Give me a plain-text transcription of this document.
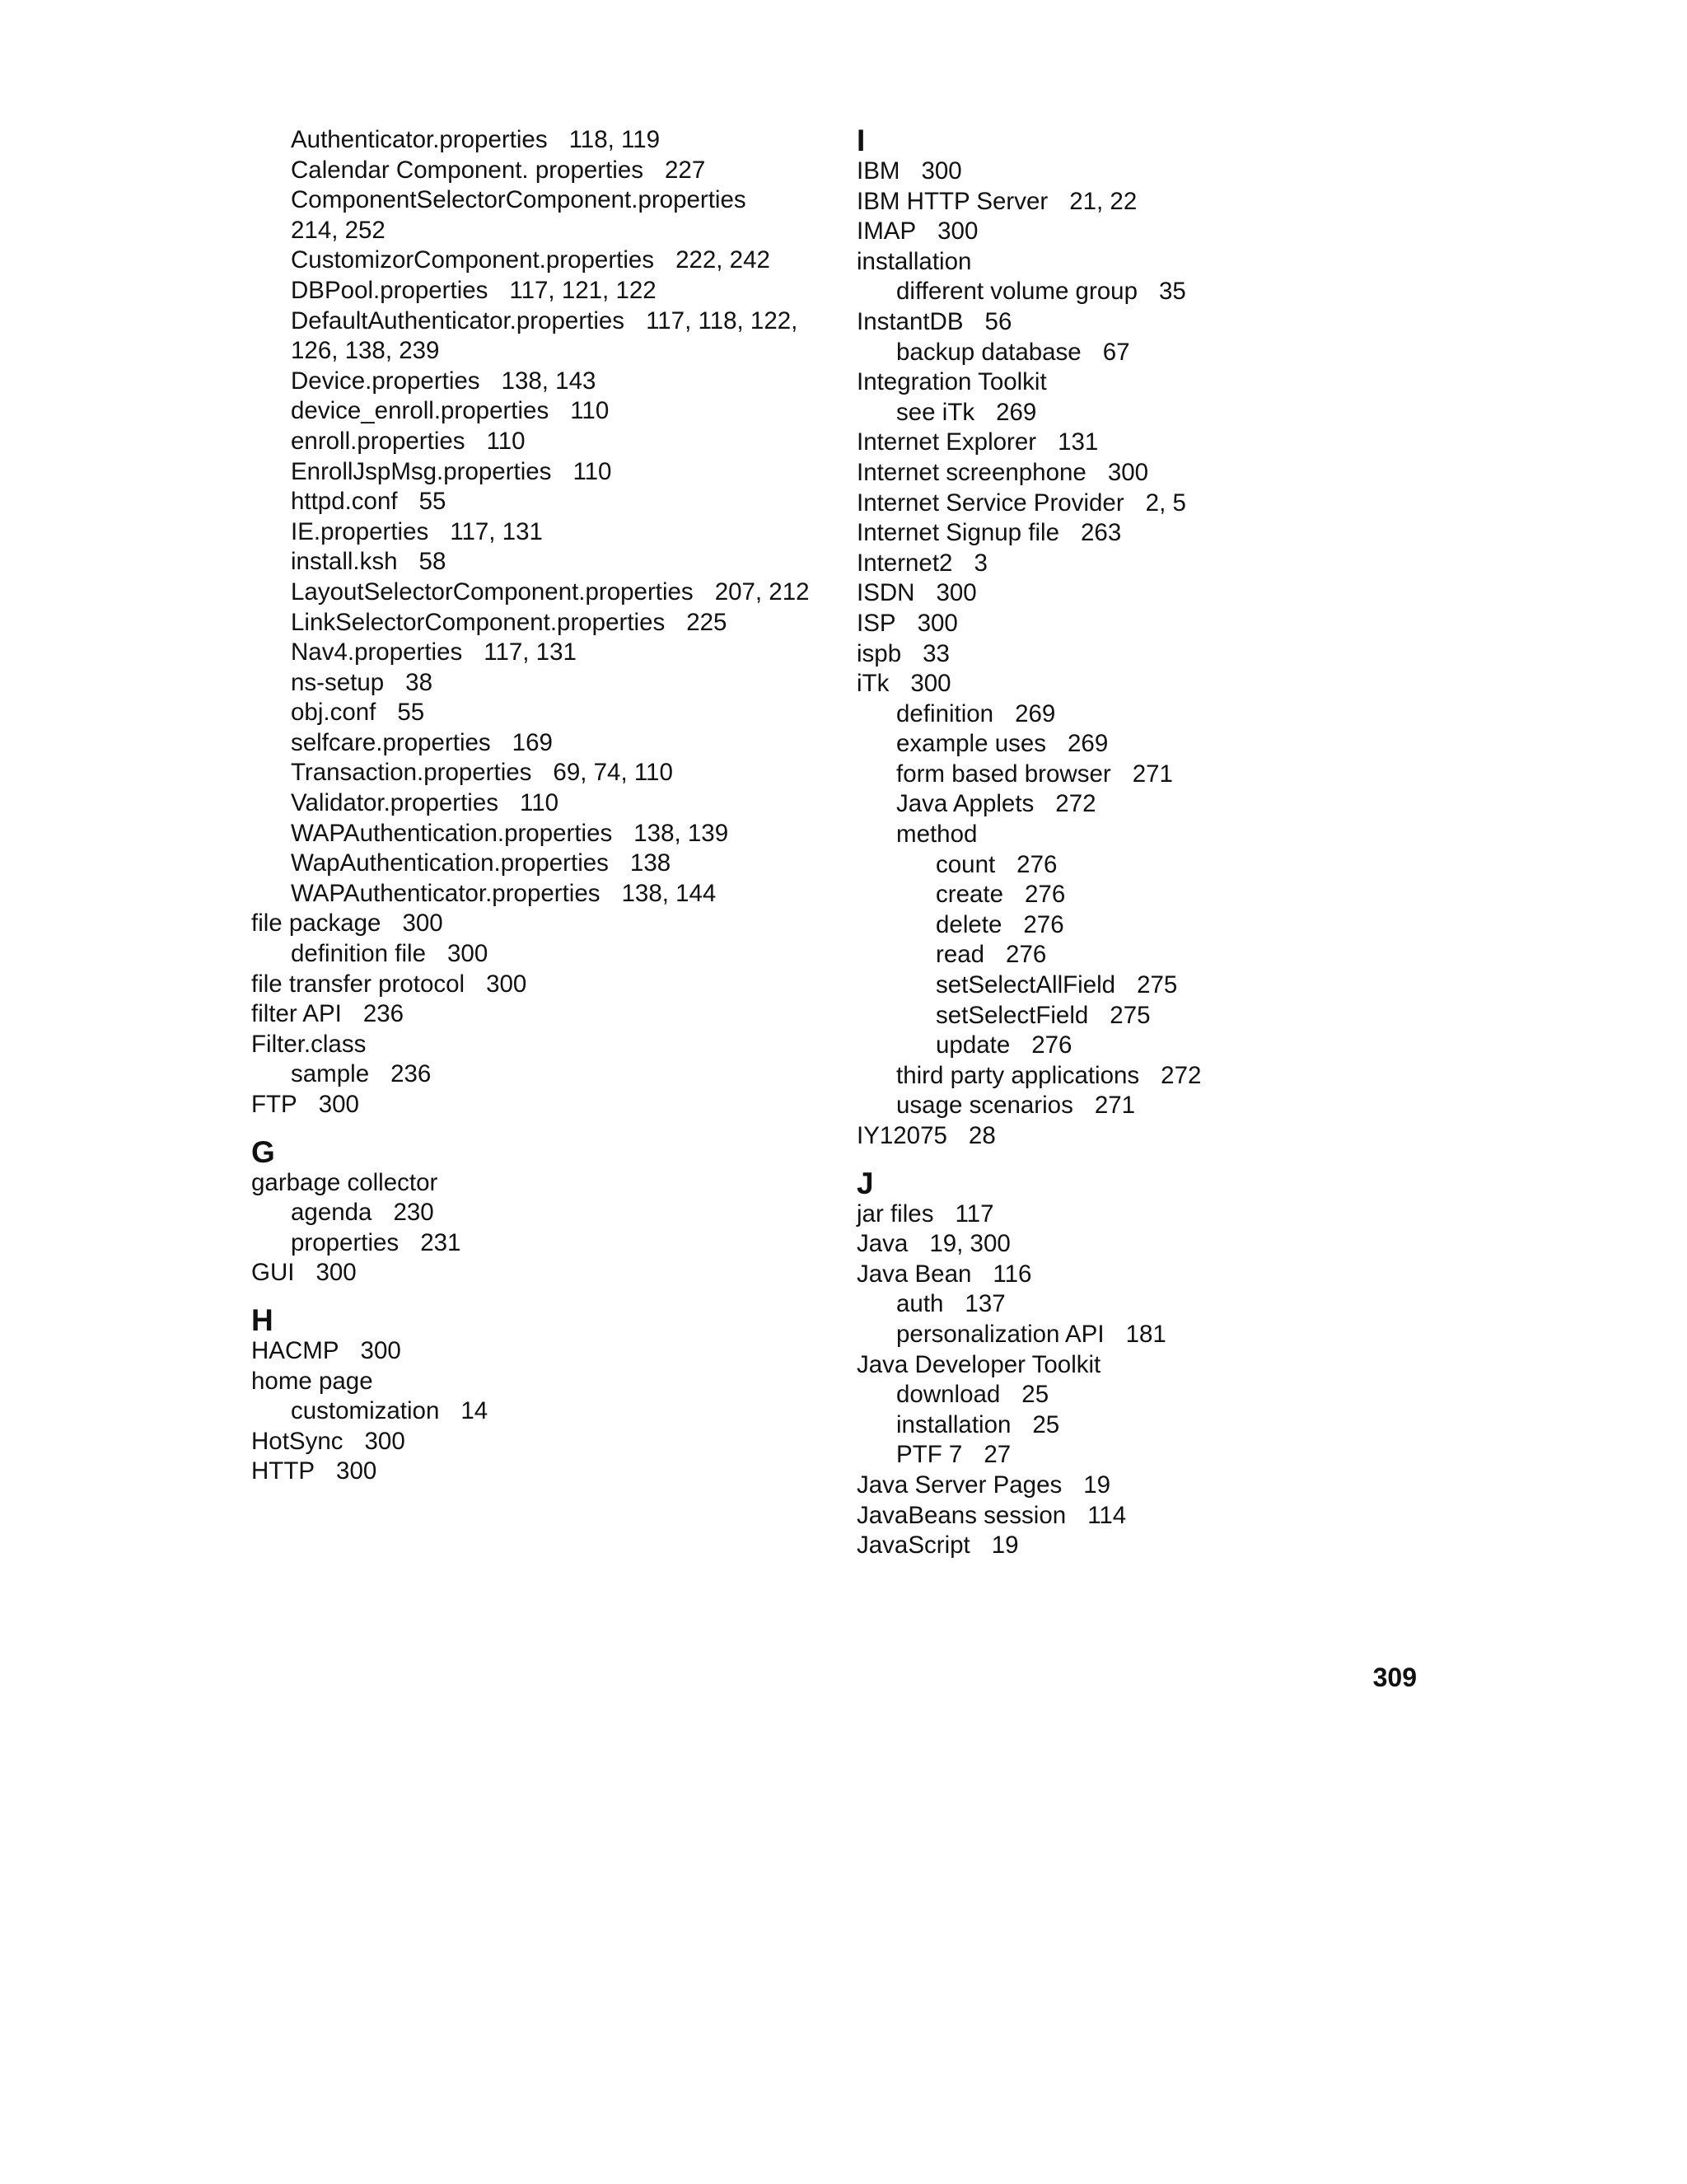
Authenticator.properties 118, 119
Calendar Component. properties 227
ComponentSelectorComponent.properties
214, 252
CustomizorComponent.properties 222, 242
DBPool.properties 117, 121, 122
DefaultAuthenticator.properties 117, 118, 122,
126, 138, 239
Device.properties 138, 143
device_enroll.properties 110
enroll.properties 110
EnrollJspMsg.properties 110
httpd.conf 55
IE.properties 117, 131
install.ksh 58
LayoutSelectorComponent.properties 207, 212
LinkSelectorComponent.properties 225
Nav4.properties 117, 131
ns-setup 38
obj.conf 55
selfcare.properties 169
Transaction.properties 69, 74, 110
Validator.properties 110
WAPAuthentication.properties 138, 139
WapAuthentication.properties 138
WAPAuthenticator.properties 138, 144
file package 300
definition file 300
file transfer protocol 300
filter API 236
Filter.class
sample 236
FTP 300
G
garbage collector
agenda 230
properties 231
GUI 300
H
HACMP 300
home page
customization 14
HotSync 300
HTTP 300
I
IBM 300
IBM HTTP Server 21, 22
IMAP 300
installation
different volume group 35
InstantDB 56
backup database 67
Integration Toolkit
see iTk 269
Internet Explorer 131
Internet screenphone 300
Internet Service Provider 2, 5
Internet Signup file 263
Internet2 3
ISDN 300
ISP 300
ispb 33
iTk 300
definition 269
example uses 269
form based browser 271
Java Applets 272
method
count 276
create 276
delete 276
read 276
setSelectAllField 275
setSelectField 275
update 276
third party applications 272
usage scenarios 271
IY12075 28
J
jar files 117
Java 19, 300
Java Bean 116
auth 137
personalization API 181
Java Developer Toolkit
download 25
installation 25
PTF 7 27
Java Server Pages 19
JavaBeans session 114
JavaScript 19
309
